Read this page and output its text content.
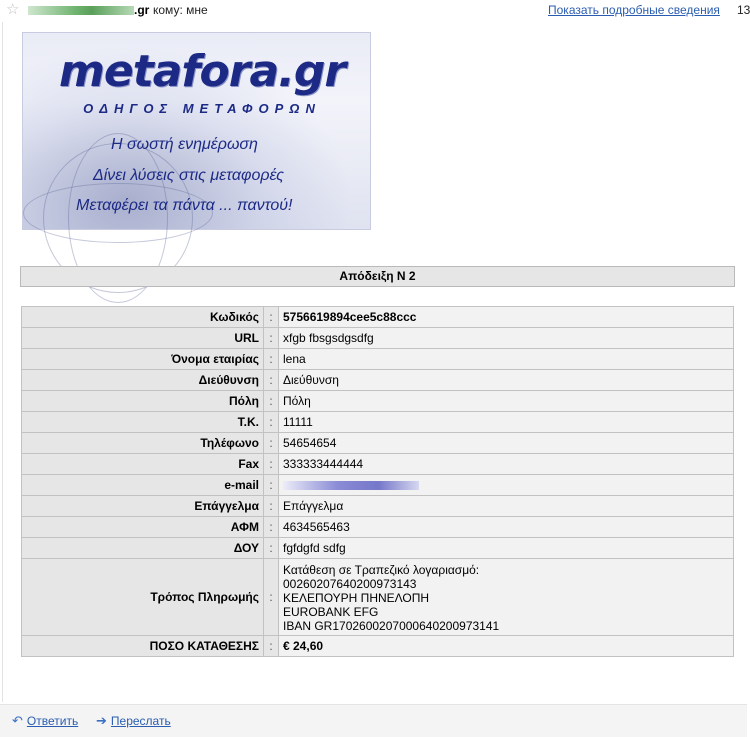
☆	.gr кому: мне	Показать подробные сведения 13
metafora.gr
ΟΔΗΓΟΣ ΜΕΤΑΦΟΡΩΝ
Η σωστή ενημέρωση
Δίνει λύσεις στις μεταφορές
Μεταφέρει τα πάντα ... παντού!
Απόδειξη Ν 2
Κωδικός	:	5756619894cee5c88ccc
URL	:	xfgb fbsgsdgsdfg
Όνομα εταιρίας	:	lena
Διεύθυνση	:	Διεύθυνση
Πόλη	:	Πόλη
Τ.Κ.	:	11111
Τηλέφωνο	:	54654654
Fax	:	333333444444
e-mail	:	
Επάγγελμα	:	Επάγγελμα
ΑΦΜ	:	4634565463
ΔΟΥ	:	fgfdgfd sdfg
Τρόπος Πληρωμής	:	Κατάθεση σε Τραπεζικό λογαριασμό:
00260207640200973143
ΚΕΛΕΠΟΥΡΗ ΠΗΝΕΛΟΠΗ
EUROBANK EFG
IBAN GR1702600207000640200973141

ΠΟΣΟ ΚΑΤΑΘΕΣΗΣ	:	€ 24,60
↶ Ответить ➔ Переслать
